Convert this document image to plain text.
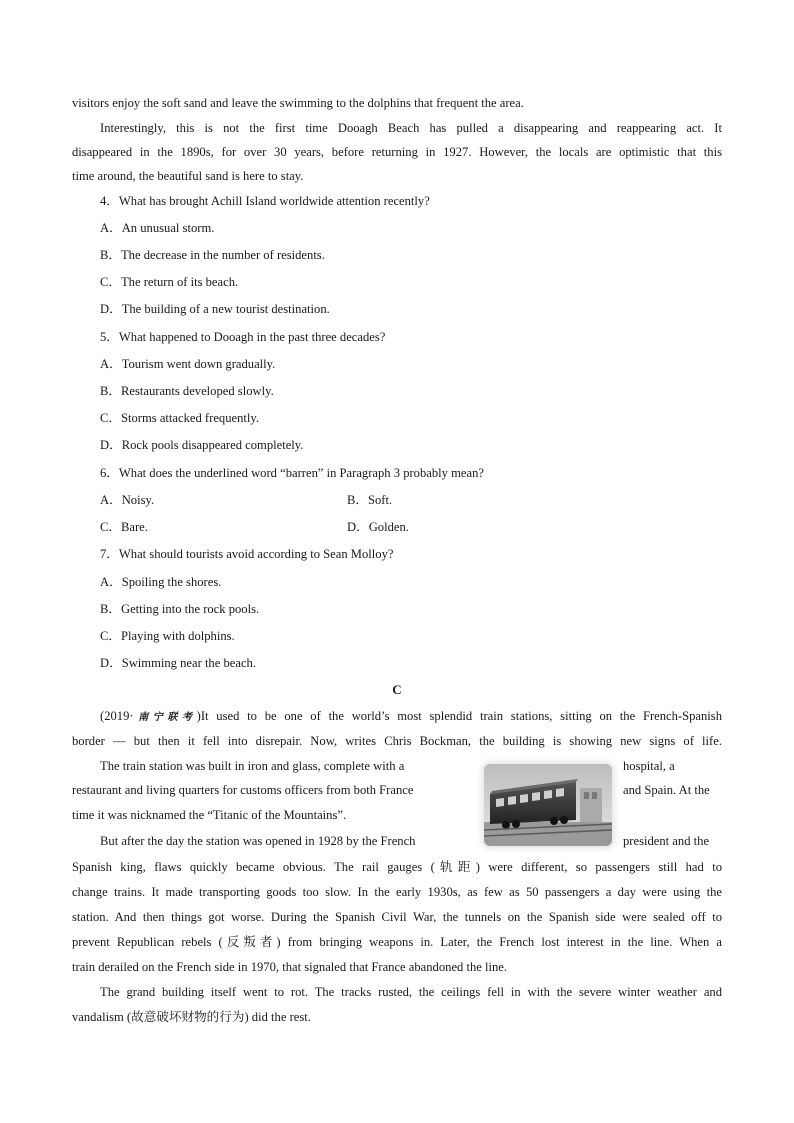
visitors enjoy the soft sand and leave the swimming to the dolphins that frequent the area.
Interestingly, this is not the first time Dooagh Beach has pulled a disappearing and reappearing act. It
disappeared in the 1890s, for over 30 years, before returning in 1927. However, the locals are optimistic that this
time around, the beautiful sand is here to stay.
4．What has brought Achill Island worldwide attention recently?
A．An unusual storm.
B．The decrease in the number of residents.
C．The return of its beach.
D．The building of a new tourist destination.
5．What happened to Dooagh in the past three decades?
A．Tourism went down gradually.
B．Restaurants developed slowly.
C．Storms attacked frequently.
D．Rock pools disappeared completely.
6．What does the underlined word “barren” in Paragraph 3 probably mean?
A．Noisy.	B．Soft.
C．Bare.	D．Golden.
7．What should tourists avoid according to Sean Molloy?
A．Spoiling the shores.
B．Getting into the rock pools.
C．Playing with dolphins.
D．Swimming near the beach.
C
(2019·南宁联考)It used to be one of the world’s most splendid train stations, sitting on the French-Spanish
border — but then it fell into disrepair. Now, writes Chris Bockman, the building is showing new signs of life.
The train station was built in iron and glass, complete with a	hospital, a
restaurant and living quarters for customs officers from both France	and Spain. At the
time it was nicknamed the “Titanic of the Mountains”.
But after the day the station was opened in 1928 by the French	president and the
Spanish king, flaws quickly became obvious. The rail gauges (轨距) were different, so passengers still had to
change trains. It made transporting goods too slow. In the early 1930s, as few as 50 passengers a day were using the
station. And then things got worse. During the Spanish Civil War, the tunnels on the Spanish side were sealed off to
prevent Republican rebels (反叛者) from bringing weapons in. Later, the French lost interest in the line. When a
train derailed on the French side in 1970, that signaled that France abandoned the line.
The grand building itself went to rot. The tracks rusted, the ceilings fell in with the severe winter weather and
vandalism (故意破坏财物的行为) did the rest.
